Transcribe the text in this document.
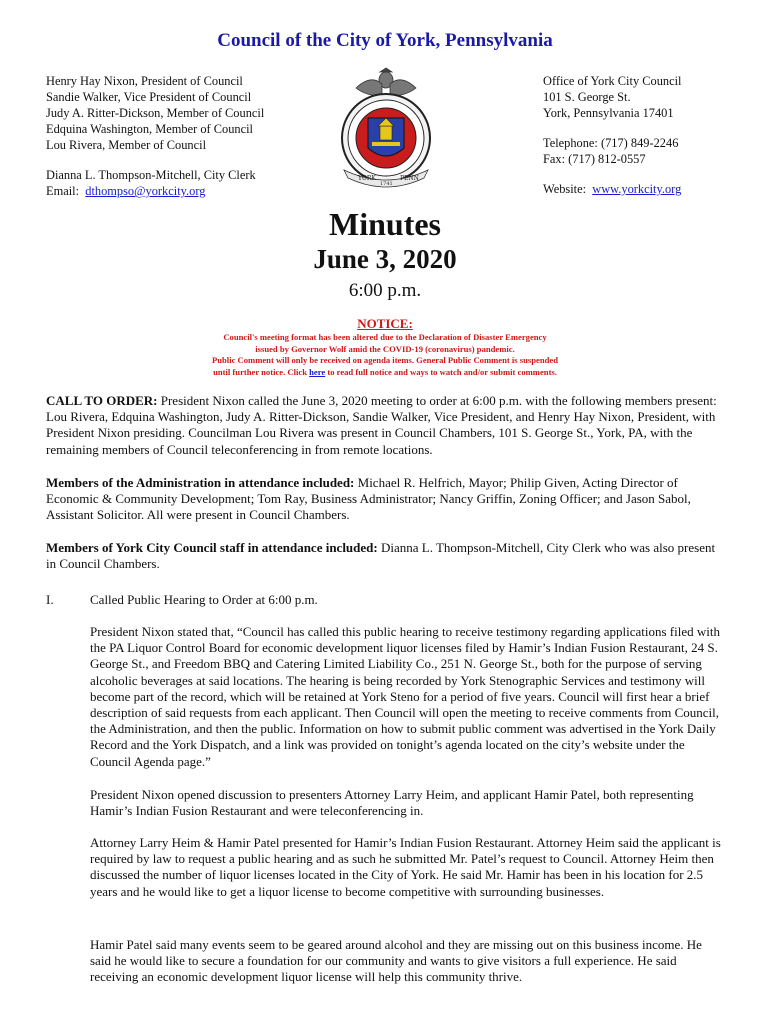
Council of the City of York, Pennsylvania
Henry Hay Nixon, President of Council
Sandie Walker, Vice President of Council
Judy A. Ritter-Dickson, Member of Council
Edquina Washington, Member of Council
Lou Rivera, Member of Council
Dianna L. Thompson-Mitchell, City Clerk
Email: dthompso@yorkcity.org
YORK
1741
PENN
Office of York City Council
101 S. George St.
York, Pennsylvania 17401
Telephone: (717) 849-2246
Fax: (717) 812-0557
Website: www.yorkcity.org
Minutes
June 3, 2020
6:00 p.m.
NOTICE:
Council's meeting format has been altered due to the Declaration of Disaster Emergency
issued by Governor Wolf amid the COVID-19 (coronavirus) pandemic.
Public Comment will only be received on agenda items. General Public Comment is suspended
until further notice. Click here to read full notice and ways to watch and/or submit comments.
CALL TO ORDER: President Nixon called the June 3, 2020 meeting to order at 6:00 p.m. with the following members present: Lou Rivera, Edquina Washington, Judy A. Ritter-Dickson, Sandie Walker, Vice President, and Henry Hay Nixon, President, with President Nixon presiding. Councilman Lou Rivera was present in Council Chambers, 101 S. George St., York, PA, with the remaining members of Council teleconferencing in from remote locations.
Members of the Administration in attendance included: Michael R. Helfrich, Mayor; Philip Given, Acting Director of Economic & Community Development; Tom Ray, Business Administrator; Nancy Griffin, Zoning Officer; and Jason Sabol, Assistant Solicitor. All were present in Council Chambers.
Members of York City Council staff in attendance included: Dianna L. Thompson-Mitchell, City Clerk who was also present in Council Chambers.
I.	Called Public Hearing to Order at 6:00 p.m.
President Nixon stated that, “Council has called this public hearing to receive testimony regarding applications filed with the PA Liquor Control Board for economic development liquor licenses filed by Hamir’s Indian Fusion Restaurant, 24 S. George St., and Freedom BBQ and Catering Limited Liability Co., 251 N. George St., both for the purpose of serving alcoholic beverages at said locations. The hearing is being recorded by York Stenographic Services and testimony will become part of the record, which will be retained at York Steno for a period of five years. Council will first hear a brief description of said requests from each applicant. Then Council will open the meeting to receive comments from Council, the Administration, and then the public. Information on how to submit public comment was advertised in the York Daily Record and the York Dispatch, and a link was provided on tonight’s agenda located on the city’s website under the Council Agenda page.”
President Nixon opened discussion to presenters Attorney Larry Heim, and applicant Hamir Patel, both representing Hamir’s Indian Fusion Restaurant and were teleconferencing in.
Attorney Larry Heim & Hamir Patel presented for Hamir’s Indian Fusion Restaurant. Attorney Heim said the applicant is required by law to request a public hearing and as such he submitted Mr. Patel’s request to Council. Attorney Heim then discussed the number of liquor licenses located in the City of York. He said Mr. Hamir has been in his location for 2.5 years and he would like to get a liquor license to become competitive with surrounding businesses.
Hamir Patel said many events seem to be geared around alcohol and they are missing out on this business income. He said he would like to secure a foundation for our community and wants to give visitors a full experience. He said receiving an economic development liquor license will help this community thrive.
